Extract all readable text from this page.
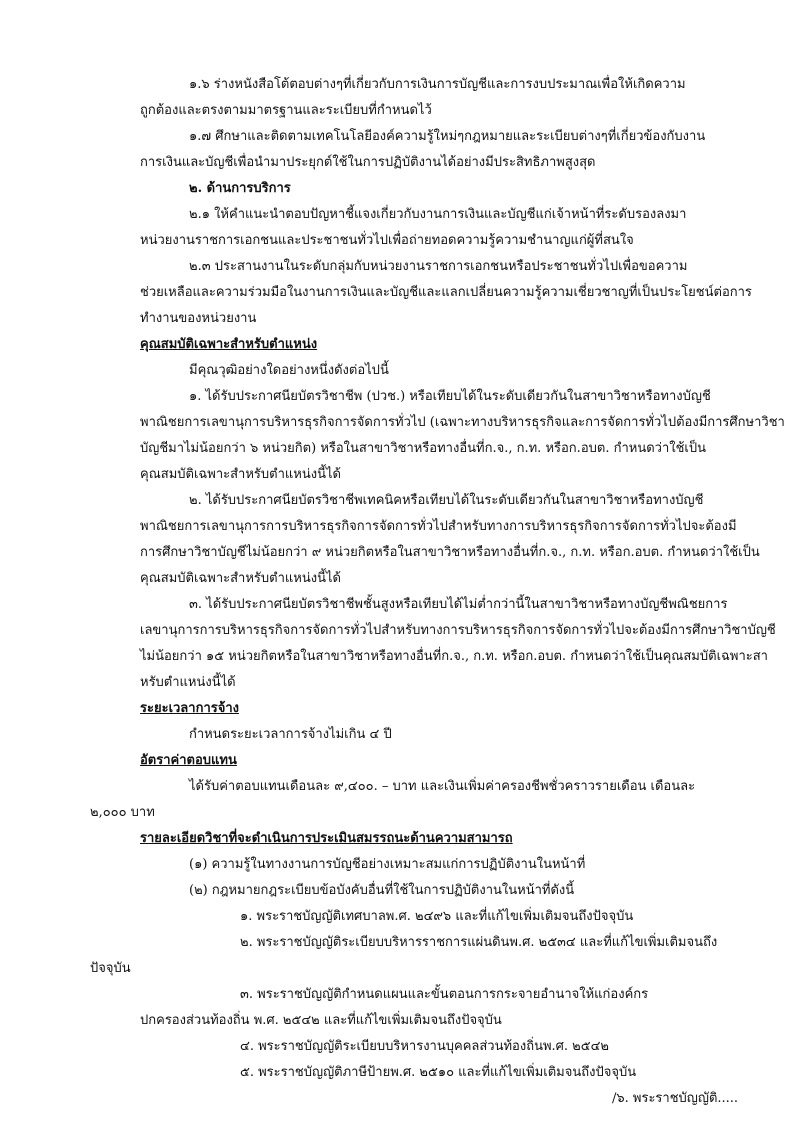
๑.๖ ร่างหนังสือโต้ตอบต่างๆที่เกี่ยวกับการเงินการบัญชีและการงบประมาณเพื่อให้เกิดความ
ถูกต้องและตรงตามมาตรฐานและระเบียบที่กำหนดไว้
๑.๗ ศึกษาและติดตามเทคโนโลยีองค์ความรู้ใหม่ๆกฎหมายและระเบียบต่างๆที่เกี่ยวข้องกับงาน
การเงินและบัญชีเพื่อนำมาประยุกต์ใช้ในการปฏิบัติงานได้อย่างมีประสิทธิภาพสูงสุด
๒. ด้านการบริการ
๒.๑ ให้คำแนะนำตอบปัญหาชี้แจงเกี่ยวกับงานการเงินและบัญชีแก่เจ้าหน้าที่ระดับรองลงมา
หน่วยงานราชการเอกชนและประชาชนทั่วไปเพื่อถ่ายทอดความรู้ความชำนาญแก่ผู้ที่สนใจ
๒.๓ ประสานงานในระดับกลุ่มกับหน่วยงานราชการเอกชนหรือประชาชนทั่วไปเพื่อขอความ
ช่วยเหลือและความร่วมมือในงานการเงินและบัญชีและแลกเปลี่ยนความรู้ความเชี่ยวชาญที่เป็นประโยชน์ต่อการ
ทำงานของหน่วยงาน
คุณสมบัติเฉพาะสำหรับตำแหน่ง
มีคุณวุฒิอย่างใดอย่างหนึ่งดังต่อไปนี้
๑. ได้รับประกาศนียบัตรวิชาชีพ (ปวช.) หรือเทียบได้ในระดับเดียวกันในสาขาวิชาหรือทางบัญชี
พาณิชยการเลขานุการบริหารธุรกิจการจัดการทั่วไป (เฉพาะทางบริหารธุรกิจและการจัดการทั่วไปต้องมีการศึกษาวิชา
บัญชีมาไม่น้อยกว่า ๖ หน่วยกิต) หรือในสาขาวิชาหรือทางอื่นที่ก.จ., ก.ท. หรือก.อบต. กำหนดว่าใช้เป็น
คุณสมบัติเฉพาะสำหรับตำแหน่งนี้ได้
๒. ได้รับประกาศนียบัตรวิชาชีพเทคนิคหรือเทียบได้ในระดับเดียวกันในสาขาวิชาหรือทางบัญชี
พาณิชยการเลขานุการการบริหารธุรกิจการจัดการทั่วไปสำหรับทางการบริหารธุรกิจการจัดการทั่วไปจะต้องมี
การศึกษาวิชาบัญชีไม่น้อยกว่า ๙ หน่วยกิตหรือในสาขาวิชาหรือทางอื่นที่ก.จ., ก.ท. หรือก.อบต. กำหนดว่าใช้เป็น
คุณสมบัติเฉพาะสำหรับตำแหน่งนี้ได้
๓. ได้รับประกาศนียบัตรวิชาชีพชั้นสูงหรือเทียบได้ไม่ต่ำกว่านี้ในสาขาวิชาหรือทางบัญชีพณิชยการ
เลขานุการการบริหารธุรกิจการจัดการทั่วไปสำหรับทางการบริหารธุรกิจการจัดการทั่วไปจะต้องมีการศึกษาวิชาบัญชี
ไม่น้อยกว่า ๑๕ หน่วยกิตหรือในสาขาวิชาหรือทางอื่นที่ก.จ., ก.ท. หรือก.อบต. กำหนดว่าใช้เป็นคุณสมบัติเฉพาะสา
หรับตำแหน่งนี้ได้
ระยะเวลาการจ้าง
กำหนดระยะเวลาการจ้างไม่เกิน ๔ ปี
อัตราค่าตอบแทน
ได้รับค่าตอบแทนเดือนละ ๙,๔๐๐. – บาท และเงินเพิ่มค่าครองชีพชั่วคราวรายเดือน เดือนละ
๒,๐๐๐ บาท
รายละเอียดวิชาที่จะดำเนินการประเมินสมรรถนะด้านความสามารถ
(๑) ความรู้ในทางงานการบัญชีอย่างเหมาะสมแก่การปฏิบัติงานในหน้าที่
(๒) กฎหมายกฎระเบียบข้อบังคับอื่นที่ใช้ในการปฏิบัติงานในหน้าที่ดังนี้
๑. พระราชบัญญัติเทศบาลพ.ศ. ๒๔๙๖ และที่แก้ไขเพิ่มเติมจนถึงปัจจุบัน
๒. พระราชบัญญัติระเบียบบริหารราชการแผ่นดินพ.ศ. ๒๕๓๔ และที่แก้ไขเพิ่มเติมจนถึง
ปัจจุบัน
๓. พระราชบัญญัติกำหนดแผนและขั้นตอนการกระจายอำนาจให้แก่องค์กร
ปกครองส่วนท้องถิ่น พ.ศ. ๒๕๔๒ และที่แก้ไขเพิ่มเติมจนถึงปัจจุบัน
๔. พระราชบัญญัติระเบียบบริหารงานบุคคลส่วนท้องถิ่นพ.ศ. ๒๕๔๒
๕. พระราชบัญญัติภาษีป้ายพ.ศ. ๒๕๑๐ และที่แก้ไขเพิ่มเติมจนถึงปัจจุบัน
/๖. พระราชบัญญัติ.....
